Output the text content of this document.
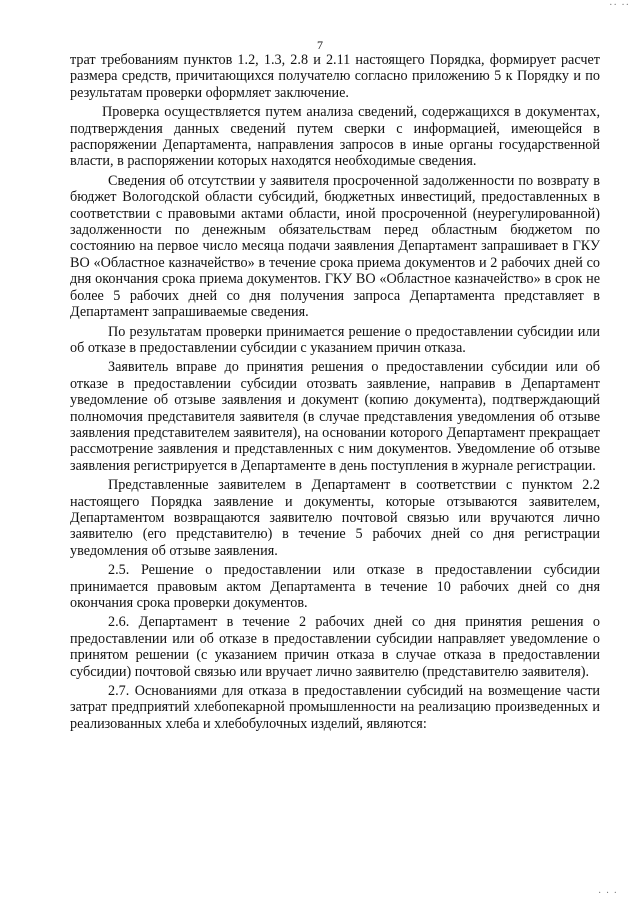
·· ··
7

трат требованиям пунктов 1.2, 1.3, 2.8 и 2.11 настоящего Порядка, формирует расчет размера средств, причитающихся получателю согласно приложению 5 к Порядку и по результатам проверки оформляет заключение.

Проверка осуществляется путем анализа сведений, содержащихся в документах, подтверждения данных сведений путем сверки с информацией, имеющейся в распоряжении Департамента, направления запросов в иные органы государственной власти, в распоряжении которых находятся необходимые сведения.

Сведения об отсутствии у заявителя просроченной задолженности по возврату в бюджет Вологодской области субсидий, бюджетных инвестиций, предоставленных в соответствии с правовыми актами области, иной просроченной (неурегулированной) задолженности по денежным обязательствам перед областным бюджетом по состоянию на первое число месяца подачи заявления Департамент запрашивает в ГКУ ВО «Областное казначейство» в течение срока приема документов и 2 рабочих дней со дня окончания срока приема документов. ГКУ ВО «Областное казначейство» в срок не более 5 рабочих дней со дня получения запроса Департамента представляет в Департамент запрашиваемые сведения.

По результатам проверки принимается решение о предоставлении субсидии или об отказе в предоставлении субсидии с указанием причин отказа.

Заявитель вправе до принятия решения о предоставлении субсидии или об отказе в предоставлении субсидии отозвать заявление, направив в Департамент уведомление об отзыве заявления и документ (копию документа), подтверждающий полномочия представителя заявителя (в случае представления уведомления об отзыве заявления представителем заявителя), на основании которого Департамент прекращает рассмотрение заявления и представленных с ним документов. Уведомление об отзыве заявления регистрируется в Департаменте в день поступления в журнале регистрации.

Представленные заявителем в Департамент в соответствии с пунктом 2.2 настоящего Порядка заявление и документы, которые отзываются заявителем, Департаментом возвращаются заявителю почтовой связью или вручаются лично заявителю (его представителю) в течение 5 рабочих дней со дня регистрации уведомления об отзыве заявления.

2.5. Решение о предоставлении или отказе в предоставлении субсидии принимается правовым актом Департамента в течение 10 рабочих дней со дня окончания срока проверки документов.

2.6. Департамент в течение 2 рабочих дней со дня принятия решения о предоставлении или об отказе в предоставлении субсидии направляет уведомление о принятом решении (с указанием причин отказа в случае отказа в предоставлении субсидии) почтовой связью или вручает лично заявителю (представителю заявителя).

2.7. Основаниями для отказа в предоставлении субсидий на возмещение части затрат предприятий хлебопекарной промышленности на реализацию произведенных и реализованных хлеба и хлебобулочных изделий, являются:

· · ·
